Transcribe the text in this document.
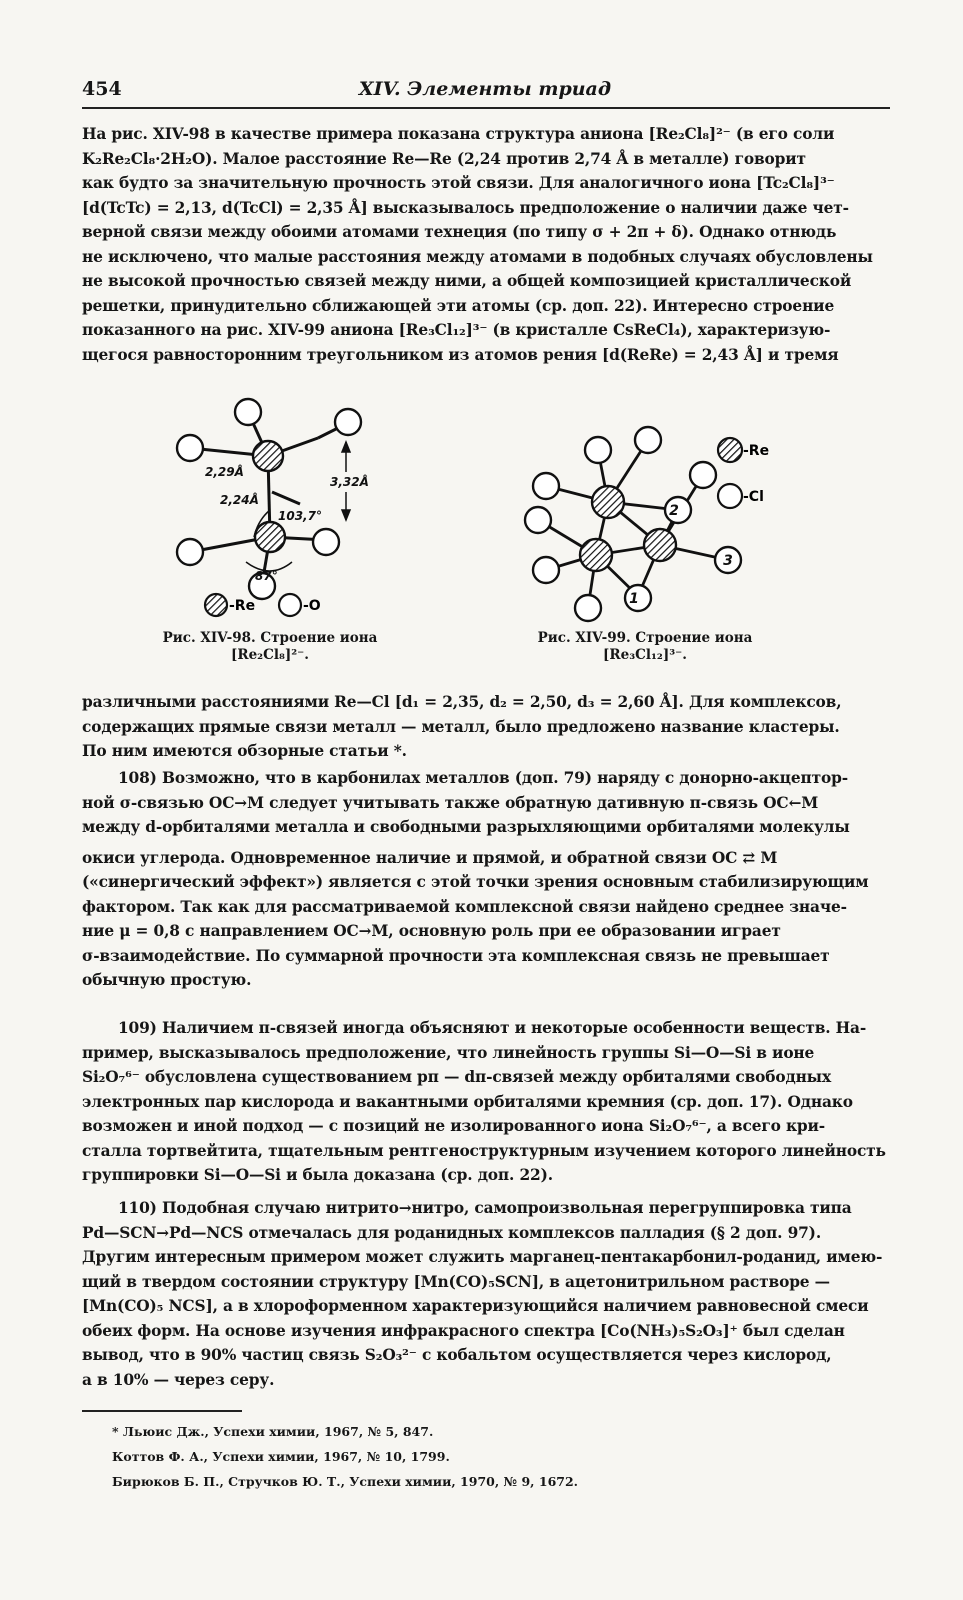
454	XIV. Элементы триад

На рис. XIV-98 в качестве примера показана структура аниона [Re₂Cl₈]²⁻ (в его соли

K₂Re₂Cl₈·2H₂O). Малое расстояние Re—Re (2,24 против 2,74 Å в металле) говорит

как будто за значительную прочность этой связи. Для аналогичного иона [Tc₂Cl₈]³⁻

[d(TcTc) = 2,13, d(TcCl) = 2,35 Å] высказывалось предположение о наличии даже чет-

верной связи между обоими атомами технеция (по типу σ + 2π + δ). Однако отнюдь

не исключено, что малые расстояния между атомами в подобных случаях обусловлены

не высокой прочностью связей между ними, а общей композицией кристаллической

решетки, принудительно сближающей эти атомы (ср. доп. 22). Интересно строение

показанного на рис. XIV-99 аниона [Re₃Cl₁₂]³⁻ (в кристалле CsReCl₄), характеризую-

щегося равносторонним треугольником из атомов рения [d(ReRe) = 2,43 Å] и тремя

2,29Å
2,24Å
103,7°
3,32Å
87°
-Re	-O
Рис. XIV-98. Строение иона
[Re₂Cl₈]²⁻.
1
2
3
-Re
-Cl
Рис. XIV-99. Строение иона
[Re₃Cl₁₂]³⁻.

различными расстояниями Re—Cl [d₁ = 2,35, d₂ = 2,50, d₃ = 2,60 Å]. Для комплексов,

содержащих прямые связи металл — металл, было предложено название кластеры.

По ним имеются обзорные статьи *.

108) Возможно, что в карбонилах металлов (доп. 79) наряду с донорно-акцептор-

ной σ-связью OC→M следует учитывать также обратную дативную π-связь OC←M

между d-орбиталями металла и свободными разрыхляющими орбиталями молекулы

окиси углерода. Одновременное наличие и прямой, и обратной связи OC ⇄ M

(«синергический эффект») является с этой точки зрения основным стабилизирующим

фактором. Так как для рассматриваемой комплексной связи найдено среднее значе-

ние μ = 0,8 с направлением OC→M, основную роль при ее образовании играет

σ-взаимодействие. По суммарной прочности эта комплексная связь не превышает

обычную простую.

109) Наличием π-связей иногда объясняют и некоторые особенности веществ. На-

пример, высказывалось предположение, что линейность группы Si—O—Si в ионе

Si₂O₇⁶⁻ обусловлена существованием pπ — dπ-связей между орбиталями свободных

электронных пар кислорода и вакантными орбиталями кремния (ср. доп. 17). Однако

возможен и иной подход — с позиций не изолированного иона Si₂O₇⁶⁻, а всего кри-

сталла тортвейтита, тщательным рентгеноструктурным изучением которого линейность

группировки Si—O—Si и была доказана (ср. доп. 22).

110) Подобная случаю нитрито→нитро, самопроизвольная перегруппировка типа

Pd—SCN→Pd—NCS отмечалась для роданидных комплексов палладия (§ 2 доп. 97).

Другим интересным примером может служить марганец-пентакарбонил-роданид, имею-

щий в твердом состоянии структуру [Mn(CO)₅SCN], в ацетонитрильном растворе —

[Mn(CO)₅ NCS], а в хлороформенном характеризующийся наличием равновесной смеси

обеих форм. На основе изучения инфракрасного спектра [Co(NH₃)₅S₂O₃]⁺ был сделан

вывод, что в 90% частиц связь S₂O₃²⁻ с кобальтом осуществляется через кислород,

а в 10% — через серу.

* Льюис Дж., Успехи химии, 1967, № 5, 847.
Коттов Ф. А., Успехи химии, 1967, № 10, 1799.
Бирюков Б. П., Стручков Ю. Т., Успехи химии, 1970, № 9, 1672.
